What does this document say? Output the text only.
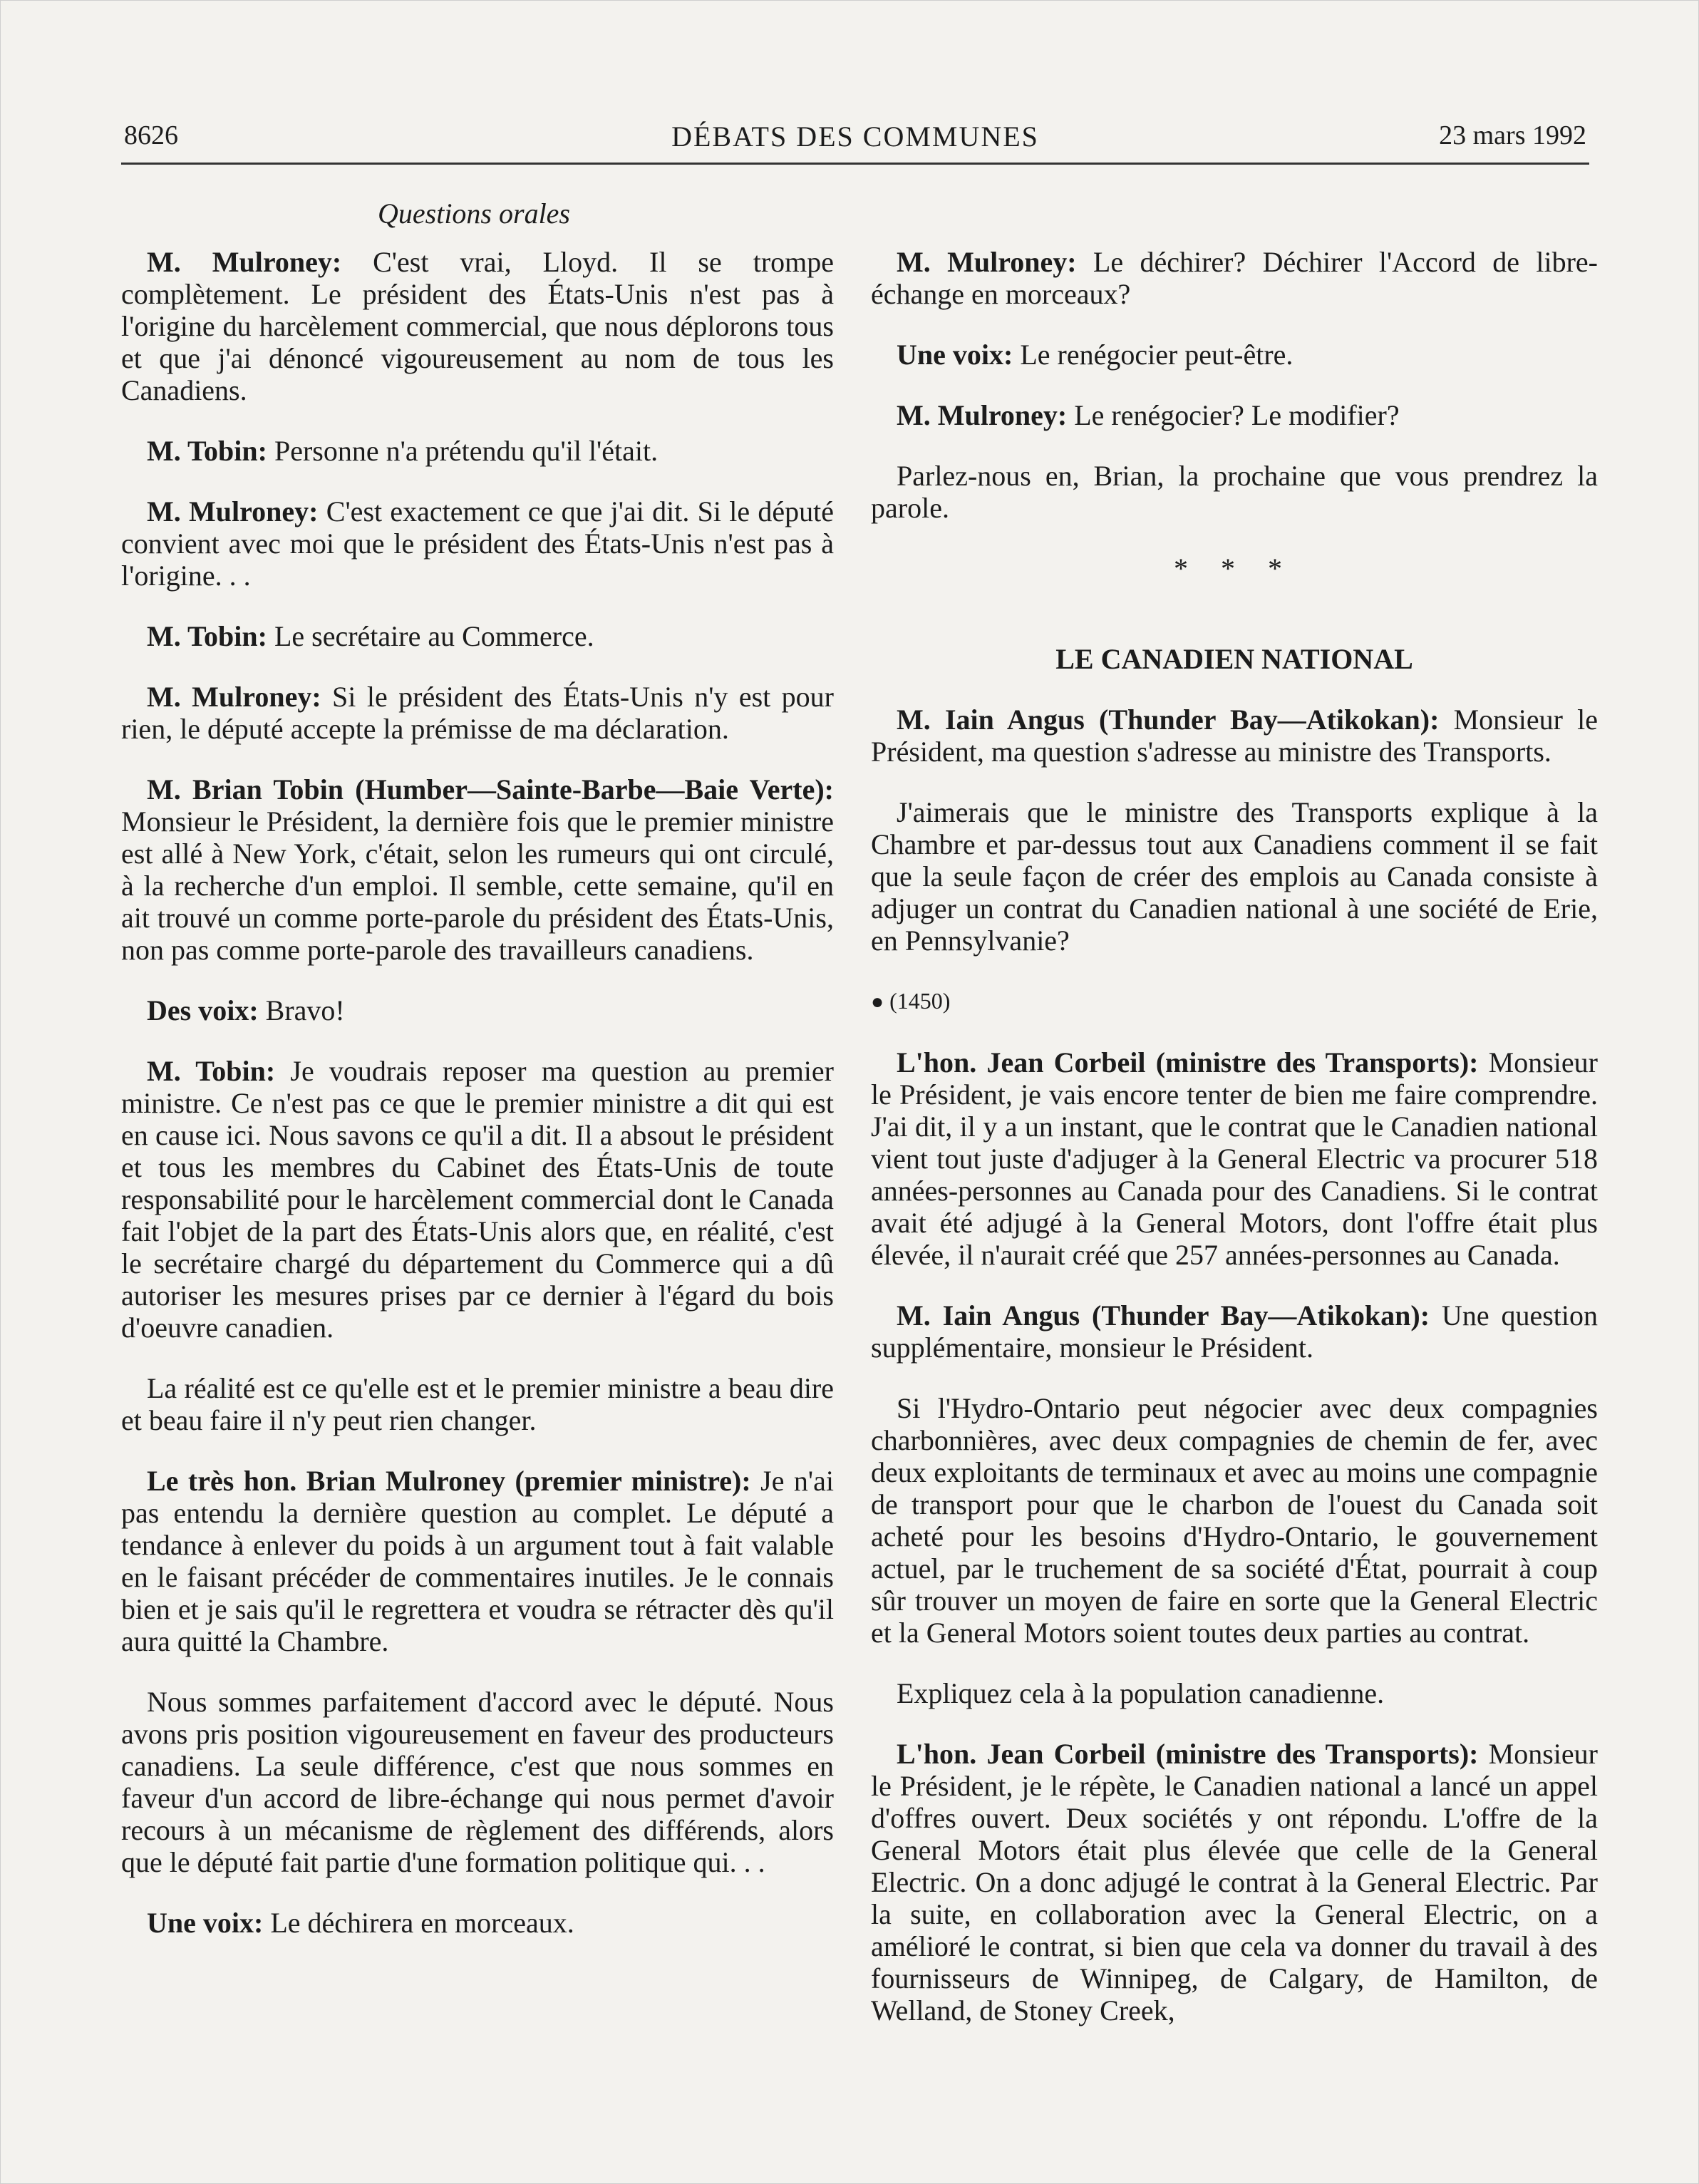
8626	DÉBATS DES COMMUNES	23 mars 1992
Questions orales

M. Mulroney: C'est vrai, Lloyd. Il se trompe complètement. Le président des États-Unis n'est pas à l'origine du harcèlement commercial, que nous déplorons tous et que j'ai dénoncé vigoureusement au nom de tous les Canadiens.

M. Tobin: Personne n'a prétendu qu'il l'était.

M. Mulroney: C'est exactement ce que j'ai dit. Si le député convient avec moi que le président des États-Unis n'est pas à l'origine. . .

M. Tobin: Le secrétaire au Commerce.

M. Mulroney: Si le président des États-Unis n'y est pour rien, le député accepte la prémisse de ma déclaration.

M. Brian Tobin (Humber—Sainte-Barbe—Baie Verte): Monsieur le Président, la dernière fois que le premier ministre est allé à New York, c'était, selon les rumeurs qui ont circulé, à la recherche d'un emploi. Il semble, cette semaine, qu'il en ait trouvé un comme porte-parole du président des États-Unis, non pas comme porte-parole des travailleurs canadiens.

Des voix: Bravo!

M. Tobin: Je voudrais reposer ma question au premier ministre. Ce n'est pas ce que le premier ministre a dit qui est en cause ici. Nous savons ce qu'il a dit. Il a absout le président et tous les membres du Cabinet des États-Unis de toute responsabilité pour le harcèlement commercial dont le Canada fait l'objet de la part des États-Unis alors que, en réalité, c'est le secrétaire chargé du département du Commerce qui a dû autoriser les mesures prises par ce dernier à l'égard du bois d'oeuvre canadien.

La réalité est ce qu'elle est et le premier ministre a beau dire et beau faire il n'y peut rien changer.

Le très hon. Brian Mulroney (premier ministre): Je n'ai pas entendu la dernière question au complet. Le député a tendance à enlever du poids à un argument tout à fait valable en le faisant précéder de commentaires inutiles. Je le connais bien et je sais qu'il le regrettera et voudra se rétracter dès qu'il aura quitté la Chambre.

Nous sommes parfaitement d'accord avec le député. Nous avons pris position vigoureusement en faveur des producteurs canadiens. La seule différence, c'est que nous sommes en faveur d'un accord de libre-échange qui nous permet d'avoir recours à un mécanisme de règlement des différends, alors que le député fait partie d'une formation politique qui. . .

Une voix: Le déchirera en morceaux.

M. Mulroney: Le déchirer? Déchirer l'Accord de libre-échange en morceaux?

Une voix: Le renégocier peut-être.

M. Mulroney: Le renégocier? Le modifier?

Parlez-nous en, Brian, la prochaine que vous prendrez la parole.

* * *
LE CANADIEN NATIONAL

M. Iain Angus (Thunder Bay—Atikokan): Monsieur le Président, ma question s'adresse au ministre des Transports.

J'aimerais que le ministre des Transports explique à la Chambre et par-dessus tout aux Canadiens comment il se fait que la seule façon de créer des emplois au Canada consiste à adjuger un contrat du Canadien national à une société de Erie, en Pennsylvanie?

● (1450)

L'hon. Jean Corbeil (ministre des Transports): Monsieur le Président, je vais encore tenter de bien me faire comprendre. J'ai dit, il y a un instant, que le contrat que le Canadien national vient tout juste d'adjuger à la General Electric va procurer 518 années-personnes au Canada pour des Canadiens. Si le contrat avait été adjugé à la General Motors, dont l'offre était plus élevée, il n'aurait créé que 257 années-personnes au Canada.

M. Iain Angus (Thunder Bay—Atikokan): Une question supplémentaire, monsieur le Président.

Si l'Hydro-Ontario peut négocier avec deux compagnies charbonnières, avec deux compagnies de chemin de fer, avec deux exploitants de terminaux et avec au moins une compagnie de transport pour que le charbon de l'ouest du Canada soit acheté pour les besoins d'Hydro-Ontario, le gouvernement actuel, par le truchement de sa société d'État, pourrait à coup sûr trouver un moyen de faire en sorte que la General Electric et la General Motors soient toutes deux parties au contrat.

Expliquez cela à la population canadienne.

L'hon. Jean Corbeil (ministre des Transports): Monsieur le Président, je le répète, le Canadien national a lancé un appel d'offres ouvert. Deux sociétés y ont répondu. L'offre de la General Motors était plus élevée que celle de la General Electric. On a donc adjugé le contrat à la General Electric. Par la suite, en collaboration avec la General Electric, on a amélioré le contrat, si bien que cela va donner du travail à des fournisseurs de Winnipeg, de Calgary, de Hamilton, de Welland, de Stoney Creek,
